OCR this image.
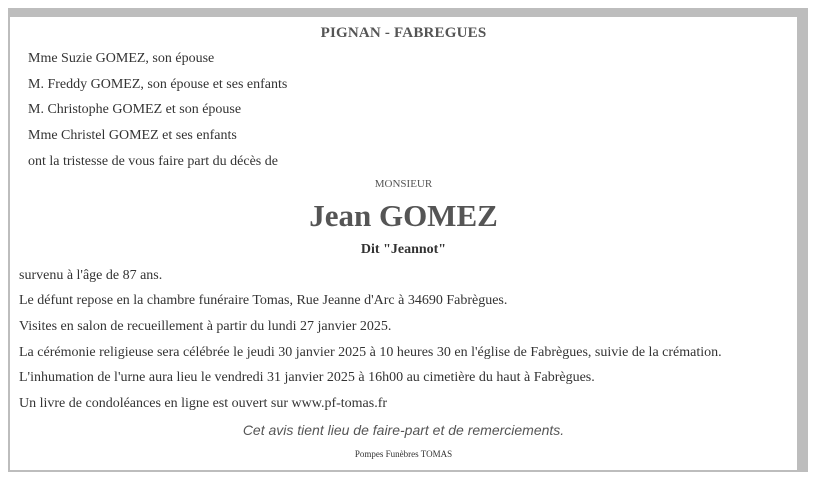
PIGNAN - FABREGUES
Mme Suzie GOMEZ, son épouse
M. Freddy GOMEZ, son épouse et ses enfants
M. Christophe GOMEZ et son épouse
Mme Christel GOMEZ et ses enfants
ont la tristesse de vous faire part du décès de
MONSIEUR
Jean GOMEZ
Dit "Jeannot"
survenu à l'âge de 87 ans.
Le défunt repose en la chambre funéraire Tomas, Rue Jeanne d'Arc à 34690 Fabrègues.
Visites en salon de recueillement à partir du lundi 27 janvier 2025.
La cérémonie religieuse sera célébrée le jeudi 30 janvier 2025 à 10 heures 30 en l'église de Fabrègues, suivie de la crémation.
L'inhumation de l'urne aura lieu le vendredi 31 janvier 2025 à 16h00 au cimetière du haut à Fabrègues.
Un livre de condoléances en ligne est ouvert sur www.pf-tomas.fr
Cet avis tient lieu de faire-part et de remerciements.
Pompes Funèbres TOMAS
